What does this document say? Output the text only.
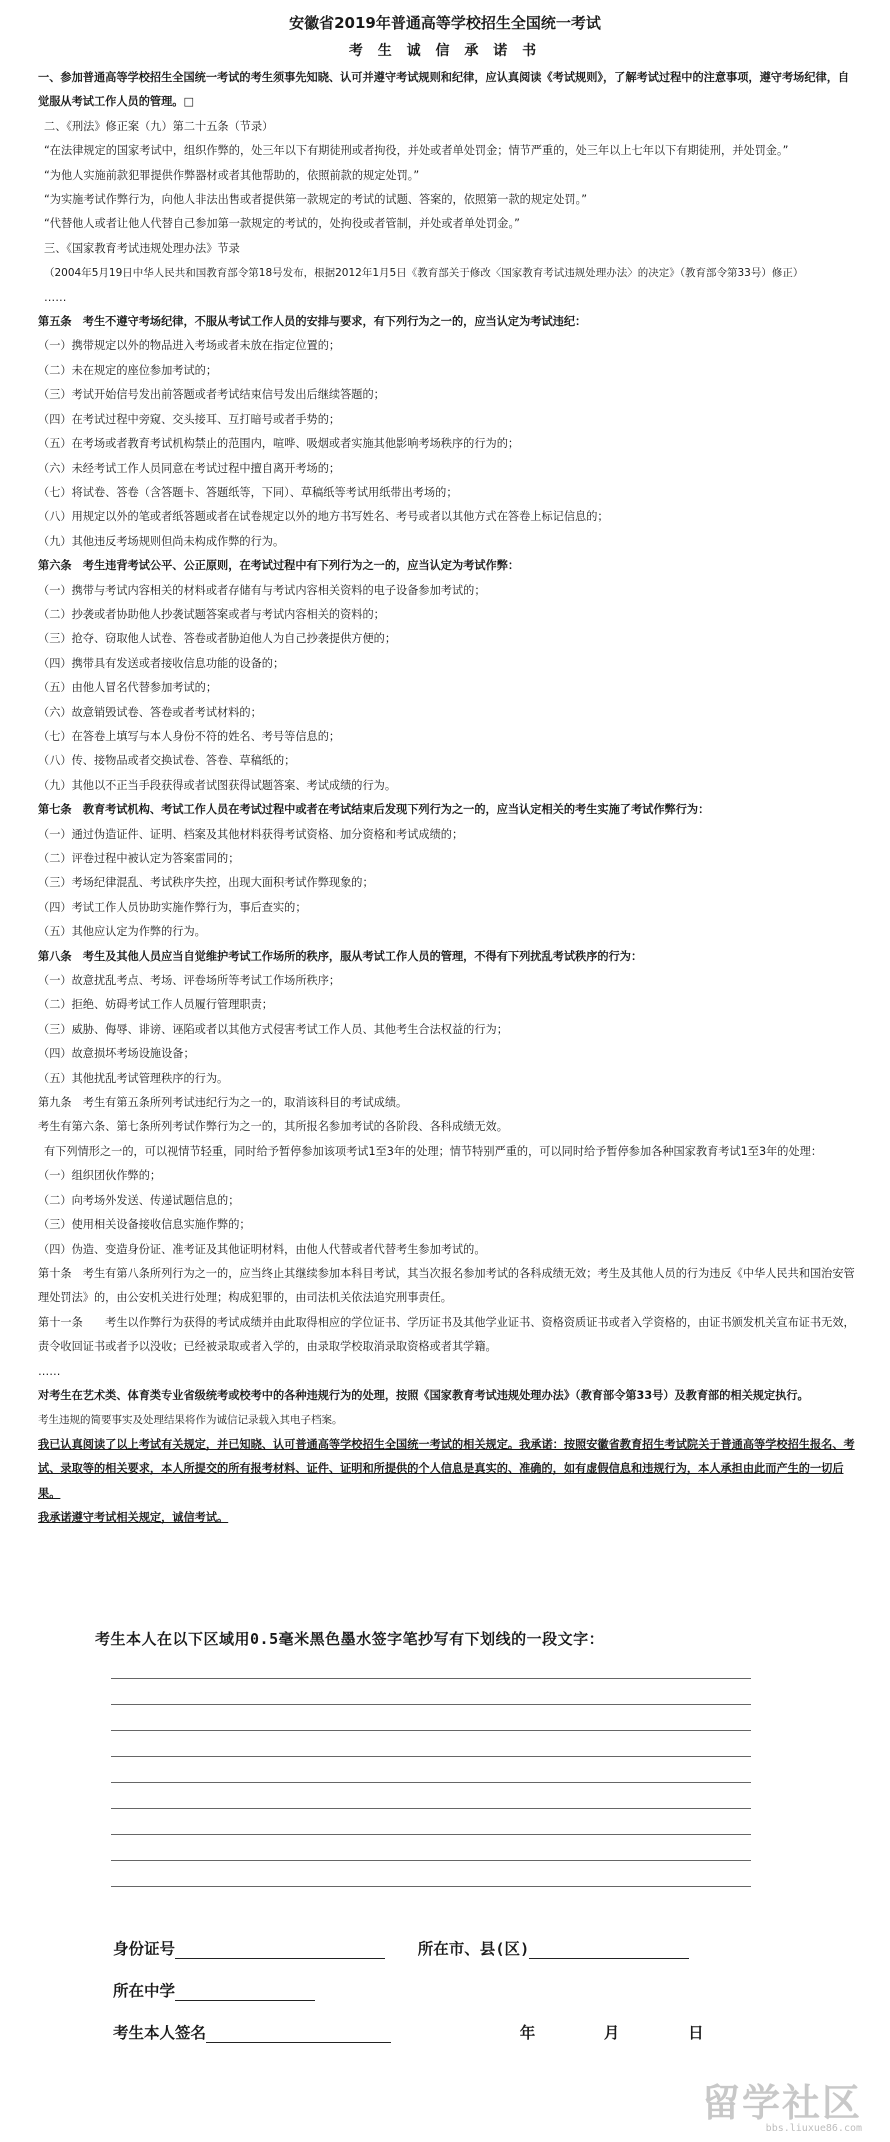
安徽省2019年普通高等学校招生全国统一考试
考 生 诚 信 承 诺 书

一、参加普通高等学校招生全国统一考试的考生须事先知晓、认可并遵守考试规则和纪律，应认真阅读《考试规则》，了解考试过程中的注意事项，遵守考场纪律，自觉服从考试工作人员的管理。□

二、《刑法》修正案（九）第二十五条（节录）

“在法律规定的国家考试中，组织作弊的，处三年以下有期徒刑或者拘役，并处或者单处罚金；情节严重的，处三年以上七年以下有期徒刑，并处罚金。”

“为他人实施前款犯罪提供作弊器材或者其他帮助的，依照前款的规定处罚。”

“为实施考试作弊行为，向他人非法出售或者提供第一款规定的考试的试题、答案的，依照第一款的规定处罚。”

“代替他人或者让他人代替自己参加第一款规定的考试的，处拘役或者管制，并处或者单处罚金。”

三、《国家教育考试违规处理办法》节录

（2004年5月19日中华人民共和国教育部令第18号发布，根据2012年1月5日《教育部关于修改〈国家教育考试违规处理办法〉的决定》（教育部令第33号）修正）

……

第五条　考生不遵守考场纪律，不服从考试工作人员的安排与要求，有下列行为之一的，应当认定为考试违纪：

（一）携带规定以外的物品进入考场或者未放在指定位置的；

（二）未在规定的座位参加考试的；

（三）考试开始信号发出前答题或者考试结束信号发出后继续答题的；

（四）在考试过程中旁窥、交头接耳、互打暗号或者手势的；

（五）在考场或者教育考试机构禁止的范围内，喧哗、吸烟或者实施其他影响考场秩序的行为的；

（六）未经考试工作人员同意在考试过程中擅自离开考场的；

（七）将试卷、答卷（含答题卡、答题纸等，下同）、草稿纸等考试用纸带出考场的；

（八）用规定以外的笔或者纸答题或者在试卷规定以外的地方书写姓名、考号或者以其他方式在答卷上标记信息的；

（九）其他违反考场规则但尚未构成作弊的行为。

第六条　考生违背考试公平、公正原则，在考试过程中有下列行为之一的，应当认定为考试作弊：

（一）携带与考试内容相关的材料或者存储有与考试内容相关资料的电子设备参加考试的；

（二）抄袭或者协助他人抄袭试题答案或者与考试内容相关的资料的；

（三）抢夺、窃取他人试卷、答卷或者胁迫他人为自己抄袭提供方便的；

（四）携带具有发送或者接收信息功能的设备的；

（五）由他人冒名代替参加考试的；

（六）故意销毁试卷、答卷或者考试材料的；

（七）在答卷上填写与本人身份不符的姓名、考号等信息的；

（八）传、接物品或者交换试卷、答卷、草稿纸的；

（九）其他以不正当手段获得或者试图获得试题答案、考试成绩的行为。

第七条　教育考试机构、考试工作人员在考试过程中或者在考试结束后发现下列行为之一的，应当认定相关的考生实施了考试作弊行为：

（一）通过伪造证件、证明、档案及其他材料获得考试资格、加分资格和考试成绩的；

（二）评卷过程中被认定为答案雷同的；

（三）考场纪律混乱、考试秩序失控，出现大面积考试作弊现象的；

（四）考试工作人员协助实施作弊行为，事后查实的；

（五）其他应认定为作弊的行为。

第八条　考生及其他人员应当自觉维护考试工作场所的秩序，服从考试工作人员的管理，不得有下列扰乱考试秩序的行为：

（一）故意扰乱考点、考场、评卷场所等考试工作场所秩序；

（二）拒绝、妨碍考试工作人员履行管理职责；

（三）威胁、侮辱、诽谤、诬陷或者以其他方式侵害考试工作人员、其他考生合法权益的行为；

（四）故意损坏考场设施设备；

（五）其他扰乱考试管理秩序的行为。

第九条　考生有第五条所列考试违纪行为之一的，取消该科目的考试成绩。

考生有第六条、第七条所列考试作弊行为之一的，其所报名参加考试的各阶段、各科成绩无效。

有下列情形之一的，可以视情节轻重，同时给予暂停参加该项考试1至3年的处理；情节特别严重的，可以同时给予暂停参加各种国家教育考试1至3年的处理：

（一）组织团伙作弊的；

（二）向考场外发送、传递试题信息的；

（三）使用相关设备接收信息实施作弊的；

（四）伪造、变造身份证、准考证及其他证明材料，由他人代替或者代替考生参加考试的。

第十条　考生有第八条所列行为之一的，应当终止其继续参加本科目考试，其当次报名参加考试的各科成绩无效；考生及其他人员的行为违反《中华人民共和国治安管理处罚法》的，由公安机关进行处理；构成犯罪的，由司法机关依法追究刑事责任。

第十一条　　考生以作弊行为获得的考试成绩并由此取得相应的学位证书、学历证书及其他学业证书、资格资质证书或者入学资格的，由证书颁发机关宣布证书无效，责令收回证书或者予以没收；已经被录取或者入学的，由录取学校取消录取资格或者其学籍。

……

对考生在艺术类、体育类专业省级统考或校考中的各种违规行为的处理，按照《国家教育考试违规处理办法》（教育部令第33号）及教育部的相关规定执行。

考生违规的简要事实及处理结果将作为诚信记录载入其电子档案。

我已认真阅读了以上考试有关规定，并已知晓、认可普通高等学校招生全国统一考试的相关规定。我承诺：按照安徽省教育招生考试院关于普通高等学校招生报名、考试、录取等的相关要求，本人所提交的所有报考材料、证件、证明和所提供的个人信息是真实的、准确的，如有虚假信息和违规行为，本人承担由此而产生的一切后果。

我承诺遵守考试相关规定，诚信考试。

考生本人在以下区域用0.5毫米黑色墨水签字笔抄写有下划线的一段文字：
身份证号	所在市、县(区)
所在中学
考生本人签名	年	月	日
留学社区
bbs.liuxue86.com
